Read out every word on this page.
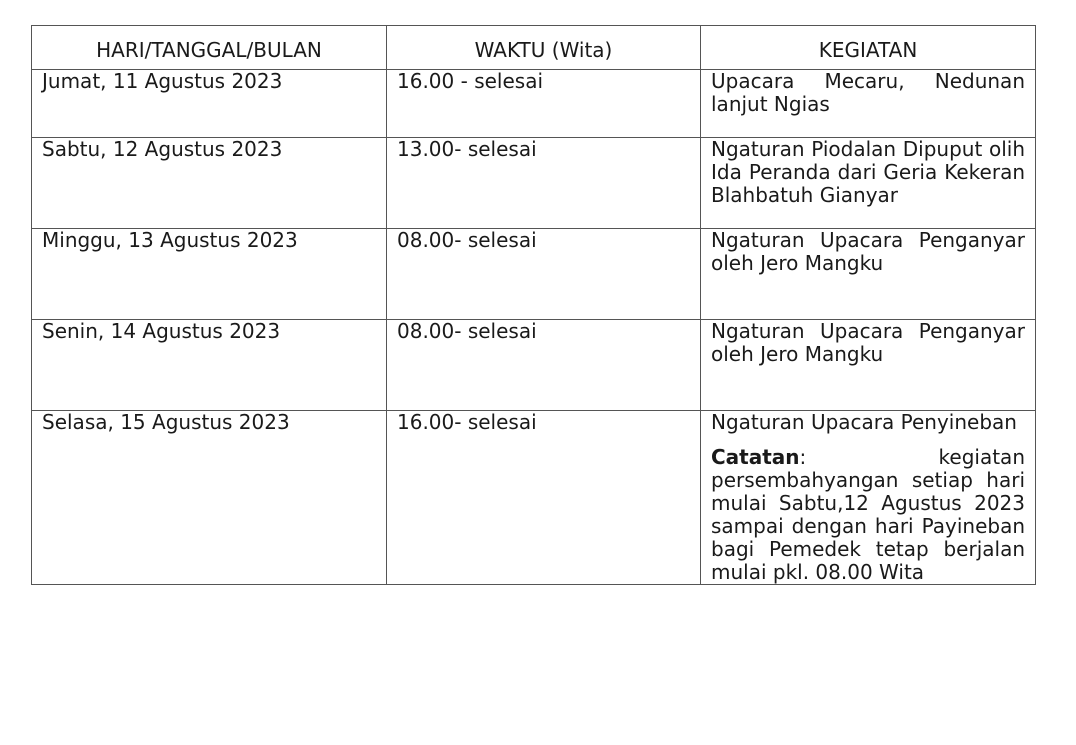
HARI/TANGGAL/BULAN	WAKTU (Wita)	KEGIATAN
Jumat, 11 Agustus 2023	16.00 - selesai	Upacara Mecaru, Nedunan lanjut Ngias

Sabtu, 12 Agustus 2023	13.00- selesai	Ngaturan Piodalan Dipuput olih Ida Peranda dari Geria Kekeran Blahbatuh Gianyar

Minggu, 13 Agustus 2023	08.00- selesai	Ngaturan Upacara Penganyar oleh Jero Mangku

Senin, 14 Agustus 2023	08.00- selesai	Ngaturan Upacara Penganyar oleh Jero Mangku

Selasa, 15 Agustus 2023	16.00- selesai	Ngaturan Upacara Penyineban
Catatan: kegiatan persembahyangan setiap hari mulai Sabtu,12 Agustus 2023 sampai dengan hari Payineban bagi Pemedek tetap berjalan mulai pkl. 08.00 Wita
